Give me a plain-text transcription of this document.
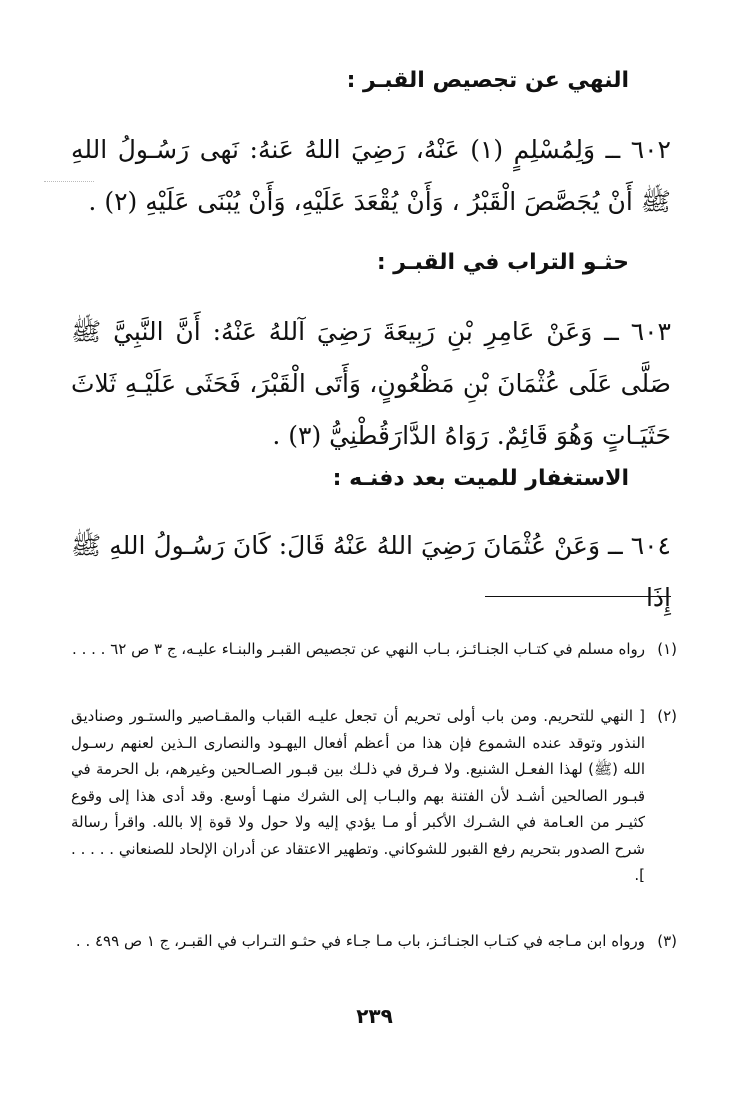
النهي عن تجصيص القبـر :
٦٠٢ ــ وَلِمُسْلِمٍ (١) عَنْهُ، رَضِيَ اللهُ عَنهُ: نَهى رَسُـولُ اللهِ ﷺ أَنْ يُجَصَّصَ الْقَبْرُ ، وَأَنْ يُقْعَدَ عَلَيْهِ، وَأَنْ يُبْنَى عَلَيْهِ (٢) .
حثـو التراب في القبـر :
٦٠٣ ــ وَعَنْ عَامِرِ بْنِ رَبِيعَةَ رَضِيَ آللهُ عَنْهُ: أَنَّ النَّبِيَّ ﷺ صَلَّى عَلَى عُثْمَانَ بْنِ مَظْعُونٍ، وَأَتَى الْقَبْرَ، فَحَثَى عَلَيْـهِ ثَلاثَ حَثَيَـاتٍ وَهُوَ قَائِمٌ. رَوَاهُ الدَّارَقُطْنِيُّ (٣) .
الاستغفار للميت بعد دفنـه :
٦٠٤ ــ وَعَنْ عُثْمَانَ رَضِيَ اللهُ عَنْهُ قَالَ: كَانَ رَسُـولُ اللهِ ﷺ إِذَا
(١)
رواه مسلم في كتـاب الجنـائـز، بـاب النهي عن تجصيص القبـر والبنـاء عليـه، ج ٣ ص ٦٢ . . . .
(٢)
[ النهي للتحريم. ومن باب أولى تحريم أن تجعل عليـه القباب والمقـاصير والستـور وصناديق النذور وتوقد عنده الشموع فإن هذا من أعظم أفعال اليهـود والنصارى الـذين لعنهم رسـول الله (ﷺ) لهذا الفعـل الشنيع. ولا فـرق في ذلـك بين قبـور الصـالحين وغيرهم، بل الحرمة في قبـور الصالحين أشـد لأن الفتنة بهم والبـاب إلى الشرك منهـا أوسع. وقد أدى هذا إلى وقوع كثيـر من العـامة في الشـرك الأكبر أو مـا يؤدي إليه ولا حول ولا قوة إلا بالله. واقرأ رسالة شرح الصدور بتحريم رفع القبور للشوكاني. وتطهير الاعتقاد عن أدران الإلحاد للصنعاني . . . . . ].
(٣)
ورواه ابن مـاجه في كتـاب الجنـائـز، باب مـا جـاء في حثـو التـراب في القبـر، ج ١ ص ٤٩٩ . .
٢٣٩
